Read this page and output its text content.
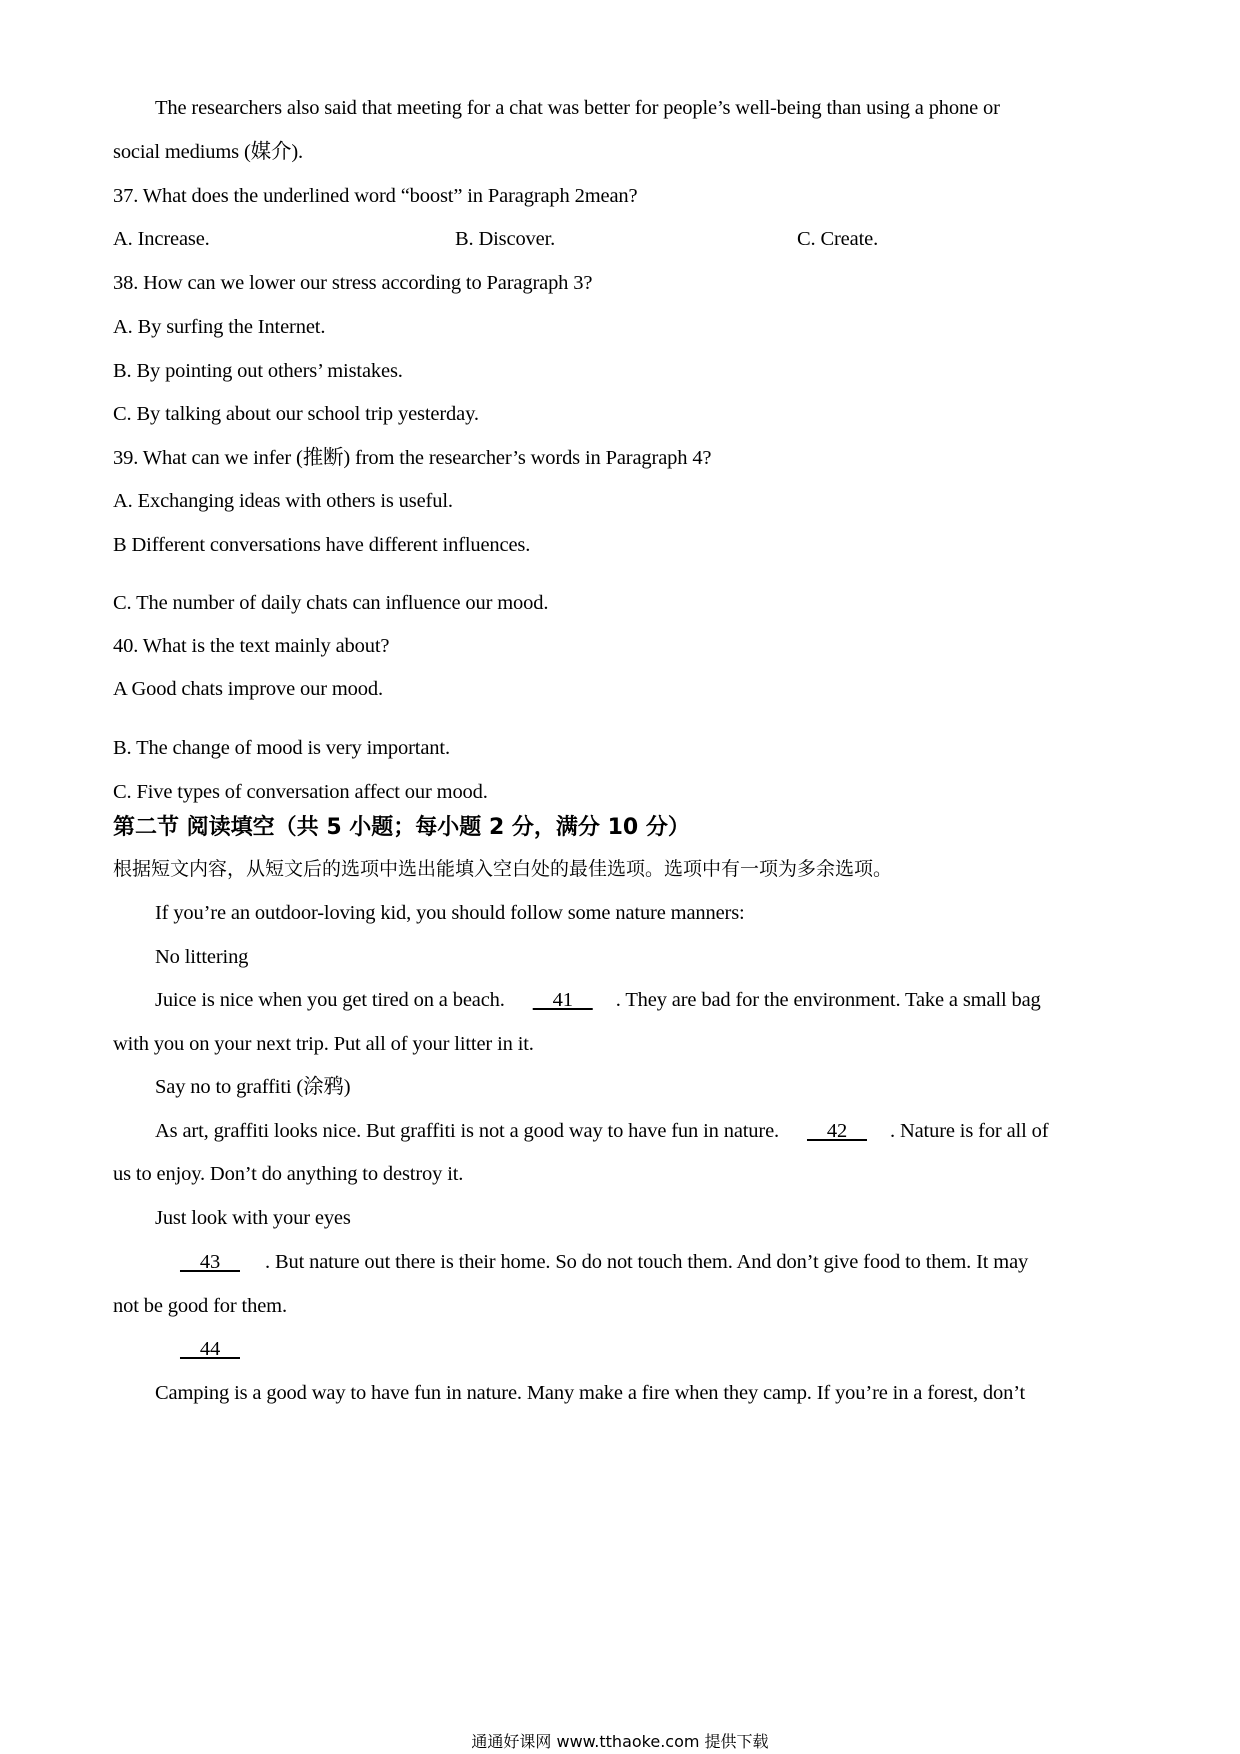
The researchers also said that meeting for a chat was better for people’s well-being than using a phone or
social mediums (媒介).
37. What does the underlined word “boost” in Paragraph 2mean?
A. Increase.	B. Discover.	C. Create.
38. How can we lower our stress according to Paragraph 3?
A. By surfing the Internet.
B. By pointing out others’ mistakes.
C. By talking about our school trip yesterday.
39. What can we infer (推断) from the researcher’s words in Paragraph 4?
A. Exchanging ideas with others is useful.
B Different conversations have different influences.
C. The number of daily chats can influence our mood.
40. What is the text mainly about?
A Good chats improve our mood.
B. The change of mood is very important.
C. Five types of conversation affect our mood.
第二节 阅读填空（共 5 小题；每小题 2 分，满分 10 分）
根据短文内容，从短文后的选项中选出能填入空白处的最佳选项。选项中有一项为多余选项。
If you’re an outdoor-loving kid, you should follow some nature manners:
No littering
Juice is nice when you get tired on a beach.     41    . They are bad for the environment. Take a small bag
with you on your next trip. Put all of your litter in it.
Say no to graffiti (涂鸦)
As art, graffiti looks nice. But graffiti is not a good way to have fun in nature.     42    . Nature is for all of
us to enjoy. Don’t do anything to destroy it.
Just look with your eyes
43    . But nature out there is their home. So do not touch them. And don’t give food to them. It may
not be good for them.
44
Camping is a good way to have fun in nature. Many make a fire when they camp. If you’re in a forest, don’t
通通好课网 www.tthaoke.com 提供下载
